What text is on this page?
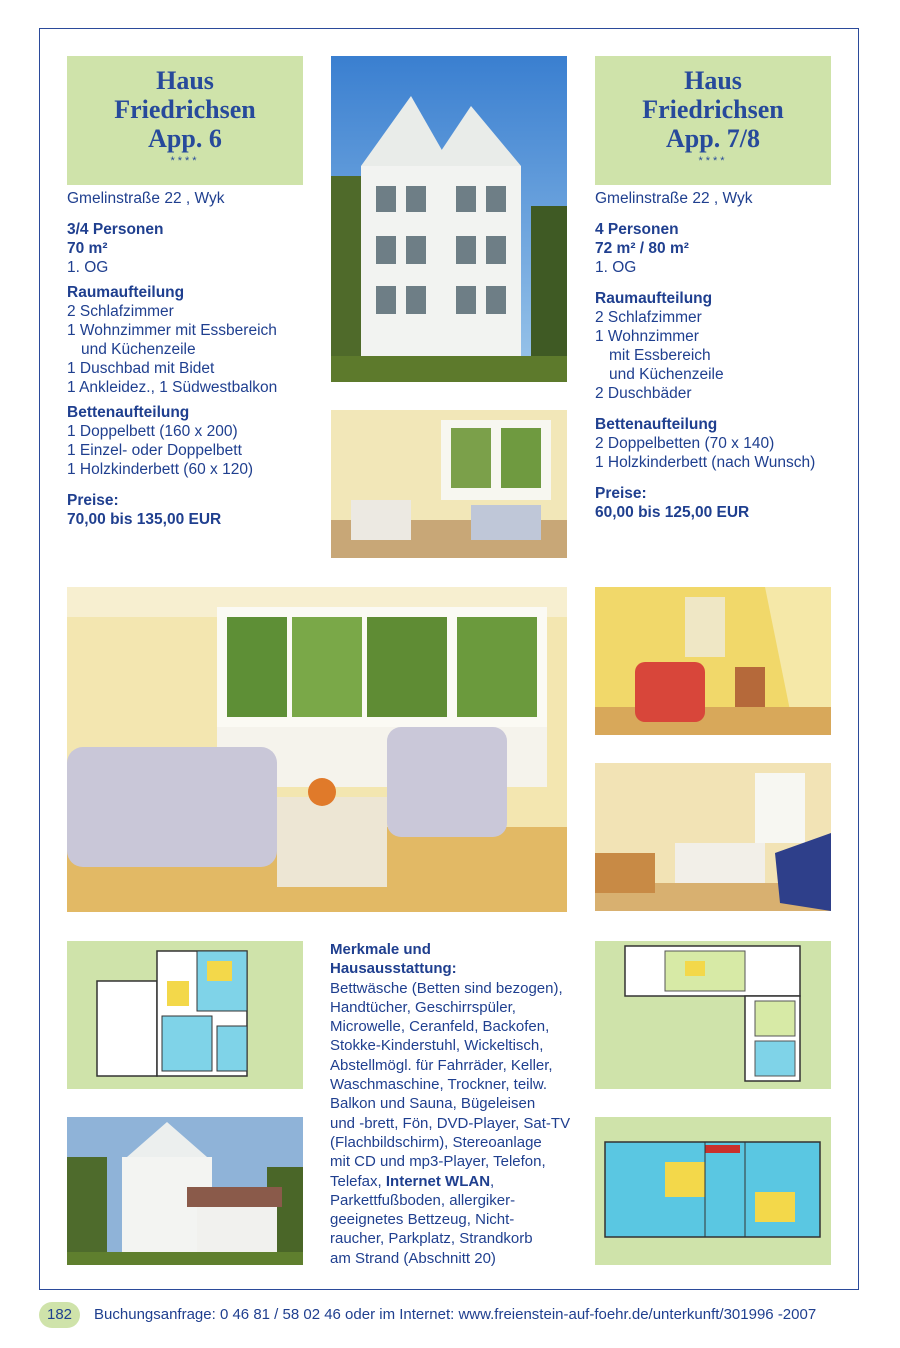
Haus
Friedrichsen
App. 6
****
Gmelinstraße 22 , Wyk
3/4 Personen
70 m²
1. OG
Raumaufteilung
2 Schlafzimmer
1 Wohnzimmer mit Essbereich
und Küchenzeile
1 Duschbad mit Bidet
1 Ankleidez., 1 Südwestbalkon
Bettenaufteilung
1 Doppelbett (160 x 200)
1 Einzel- oder Doppelbett
1 Holzkinderbett (60 x 120)
Preise:
70,00 bis 135,00 EUR
Haus
Friedrichsen
App. 7/8
****
Gmelinstraße 22 , Wyk
4 Personen
72 m² / 80 m²
1. OG
Raumaufteilung
2 Schlafzimmer
1 Wohnzimmer
mit Essbereich
und Küchenzeile
2 Duschbäder
Bettenaufteilung
2 Doppelbetten (70 x 140)
1 Holzkinderbett (nach Wunsch)
Preise:
60,00 bis 125,00 EUR
Merkmale und
Hausausstattung:
Bettwäsche (Betten sind bezogen),
Handtücher, Geschirrspüler,
Microwelle, Ceranfeld, Backofen,
Stokke-Kinderstuhl, Wickeltisch,
Abstellmögl. für Fahrräder, Keller,
Waschmaschine, Trockner, teilw.
Balkon und Sauna, Bügeleisen
und -brett, Fön, DVD-Player, Sat-TV
(Flachbildschirm), Stereoanlage
mit CD und mp3-Player, Telefon,
Telefax, Internet WLAN,
Parkettfußboden, allergiker-
geeignetes Bettzeug, Nicht-
raucher, Parkplatz, Strandkorb
am Strand (Abschnitt 20)
182 Buchungsanfrage: 0 46 81 / 58 02 46 oder im Internet: www.freienstein-auf-foehr.de/unterkunft/301996 -2007
